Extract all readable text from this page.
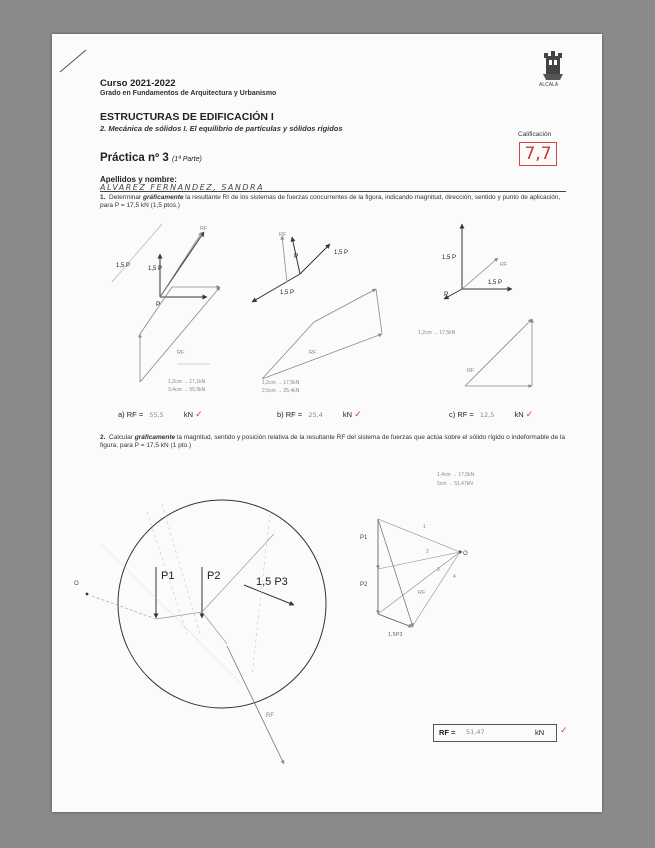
Curso 2021-2022

Grado en Fundamentos de Arquitectura y Urbanismo

ALCALÁ

ESTRUCTURAS DE EDIFICACIÓN I

2. Mecánica de sólidos I. El equilibrio de partículas y sólidos rígidos

Calificación

7,7

Práctica nº 3 (1ª Parte)

Apellidos y nombre:

ALVAREZ FERNANDEZ, SANDRA

1. Determinar gráficamente la resultante Rr de los sistemas de fuerzas concurrentes de la figura, indicando magnitud, dirección, sentido y punto de aplicación, para P = 17,5 kN (1,5 ptos.)

P
1,5 P	1,5 P
RF
RF
1,2cm → 17,1kN
3,4cm → 55,5kN
RF
P	1,5 P
1,5 P
RF
1,2cm → 17,5kN
2,5cm → 25,4kN
1,5 P
RF
1,5 P
P
1,2cm → 17,5kN
RF
P1	P2	1,5 P3
O
RF
P1
P2
1,5P3
O
RF
1
2
3
4
1,4cm → 17,5kN
5cm → 51,47kN
a) RF = 55,5	kN ✓	b) RF = 25,4	kN ✓	c) RF = 12,5	kN ✓

2. Calcular gráficamente la magnitud, sentido y posición relativa de la resultante RF del sistema de fuerzas que actúa sobre el sólido rígido o indeformable de la figura, para P = 17,5 kN (1 pto.)

RF = 51,47	kN ✓
